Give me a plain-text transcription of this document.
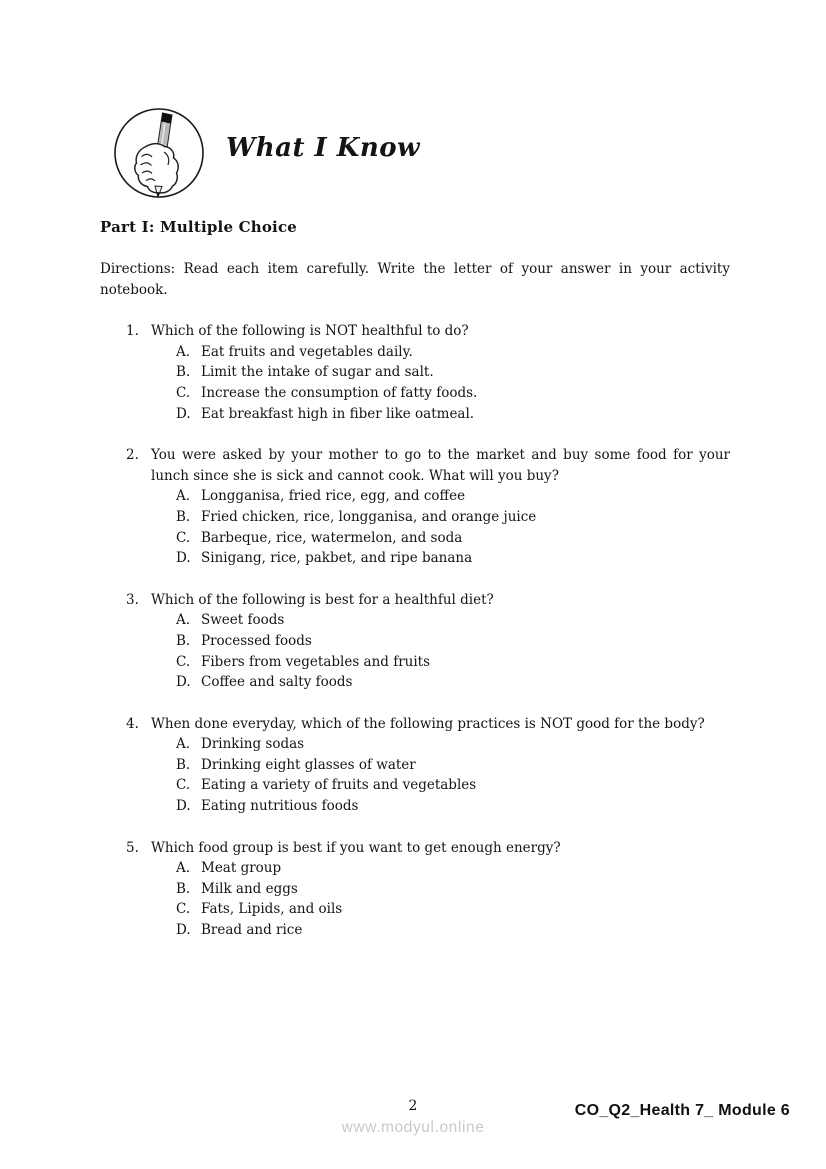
What I Know
Part I: Multiple Choice

Directions: Read each item carefully. Write the letter of your answer in your activity notebook.

1. Which of the following is NOT healthful to do?
A. Eat fruits and vegetables daily.
B. Limit the intake of sugar and salt.
C. Increase the consumption of fatty foods.
D. Eat breakfast high in fiber like oatmeal.
2. You were asked by your mother to go to the market and buy some food for your lunch since she is sick and cannot cook. What will you buy?
A. Longganisa, fried rice, egg, and coffee
B. Fried chicken, rice, longganisa, and orange juice
C. Barbeque, rice, watermelon, and soda
D. Sinigang, rice, pakbet, and ripe banana
3. Which of the following is best for a healthful diet?
A. Sweet foods
B. Processed foods
C. Fibers from vegetables and fruits
D. Coffee and salty foods
4. When done everyday, which of the following practices is NOT good for the body?
A. Drinking sodas
B. Drinking eight glasses of water
C. Eating a variety of fruits and vegetables
D. Eating nutritious foods
5. Which food group is best if you want to get enough energy?
A. Meat group
B. Milk and eggs
C. Fats, Lipids, and oils
D. Bread and rice
2
www.modyul.online
CO_Q2_Health 7_ Module 6
